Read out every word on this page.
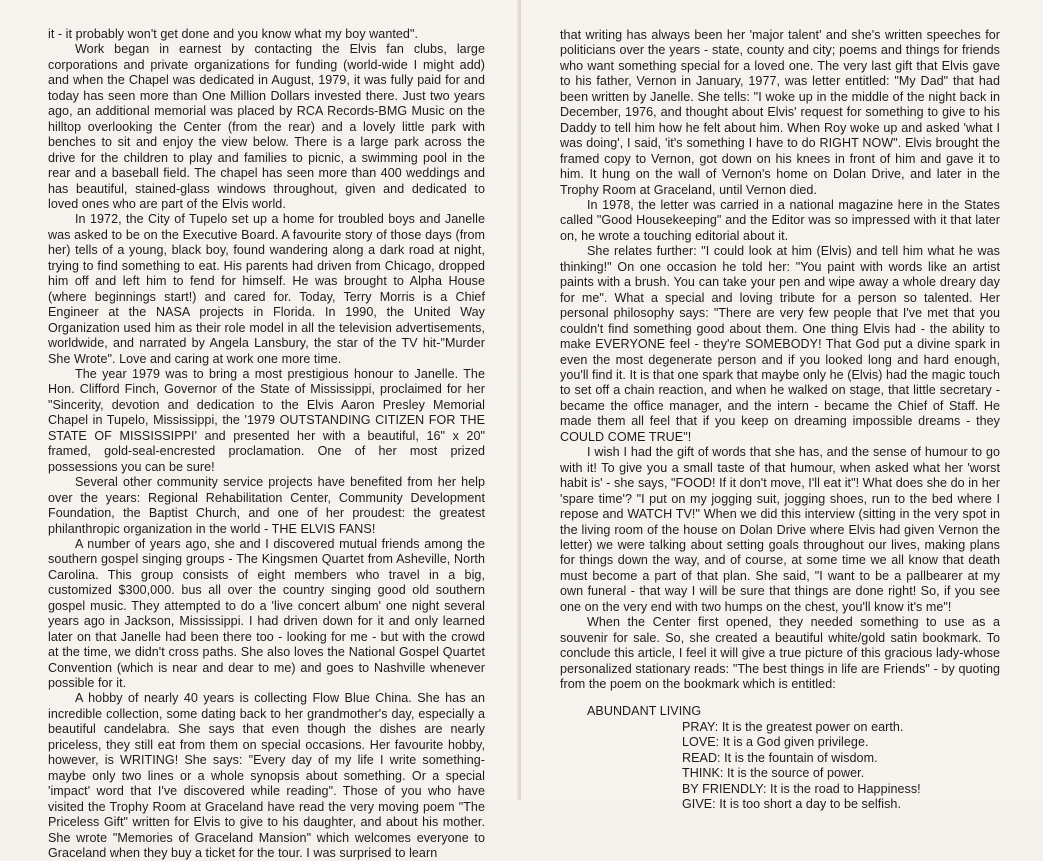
it - it probably won't get done and you know what my boy wanted".

Work began in earnest by contacting the Elvis fan clubs, large corporations and private organizations for funding (world-wide I might add) and when the Chapel was dedicated in August, 1979, it was fully paid for and today has seen more than One Million Dollars invested there. Just two years ago, an additional memorial was placed by RCA Records-BMG Music on the hilltop overlooking the Center (from the rear) and a lovely little park with benches to sit and enjoy the view below. There is a large park across the drive for the children to play and families to picnic, a swimming pool in the rear and a baseball field. The chapel has seen more than 400 weddings and has beautiful, stained-glass windows throughout, given and dedicated to loved ones who are part of the Elvis world.

In 1972, the City of Tupelo set up a home for troubled boys and Janelle was asked to be on the Executive Board. A favourite story of those days (from her) tells of a young, black boy, found wandering along a dark road at night, trying to find something to eat. His parents had driven from Chicago, dropped him off and left him to fend for himself. He was brought to Alpha House (where beginnings start!) and cared for. Today, Terry Morris is a Chief Engineer at the NASA projects in Florida. In 1990, the United Way Organization used him as their role model in all the television advertisements, worldwide, and narrated by Angela Lansbury, the star of the TV hit-"Murder She Wrote". Love and caring at work one more time.

The year 1979 was to bring a most prestigious honour to Janelle. The Hon. Clifford Finch, Governor of the State of Mississippi, proclaimed for her "Sincerity, devotion and dedication to the Elvis Aaron Presley Memorial Chapel in Tupelo, Mississippi, the '1979 OUTSTANDING CITIZEN FOR THE STATE OF MISSISSIPPI' and presented her with a beautiful, 16" x 20" framed, gold-seal-encrested proclamation. One of her most prized possessions you can be sure!

Several other community service projects have benefited from her help over the years: Regional Rehabilitation Center, Community Development Foundation, the Baptist Church, and one of her proudest: the greatest philanthropic organization in the world - THE ELVIS FANS!

A number of years ago, she and I discovered mutual friends among the southern gospel singing groups - The Kingsmen Quartet from Asheville, North Carolina. This group consists of eight members who travel in a big, customized $300,000. bus all over the country singing good old southern gospel music. They attempted to do a 'live concert album' one night several years ago in Jackson, Mississippi. I had driven down for it and only learned later on that Janelle had been there too - looking for me - but with the crowd at the time, we didn't cross paths. She also loves the National Gospel Quartet Convention (which is near and dear to me) and goes to Nashville whenever possible for it.

A hobby of nearly 40 years is collecting Flow Blue China. She has an incredible collection, some dating back to her grandmother's day, especially a beautiful candelabra. She says that even though the dishes are nearly priceless, they still eat from them on special occasions. Her favourite hobby, however, is WRITING! She says: "Every day of my life I write something-maybe only two lines or a whole synopsis about something. Or a special 'impact' word that I've discovered while reading". Those of you who have visited the Trophy Room at Graceland have read the very moving poem "The Priceless Gift" written for Elvis to give to his daughter, and about his mother. She wrote "Memories of Graceland Mansion" which welcomes everyone to Graceland when they buy a ticket for the tour. I was surprised to learn

that writing has always been her 'major talent' and she's written speeches for politicians over the years - state, county and city; poems and things for friends who want something special for a loved one. The very last gift that Elvis gave to his father, Vernon in January, 1977, was letter entitled: "My Dad" that had been written by Janelle. She tells: "I woke up in the middle of the night back in December, 1976, and thought about Elvis' request for something to give to his Daddy to tell him how he felt about him. When Roy woke up and asked 'what I was doing', I said, 'it's something I have to do RIGHT NOW". Elvis brought the framed copy to Vernon, got down on his knees in front of him and gave it to him. It hung on the wall of Vernon's home on Dolan Drive, and later in the Trophy Room at Graceland, until Vernon died.

In 1978, the letter was carried in a national magazine here in the States called "Good Housekeeping" and the Editor was so impressed with it that later on, he wrote a touching editorial about it.

She relates further: "I could look at him (Elvis) and tell him what he was thinking!" On one occasion he told her: "You paint with words like an artist paints with a brush. You can take your pen and wipe away a whole dreary day for me". What a special and loving tribute for a person so talented. Her personal philosophy says: "There are very few people that I've met that you couldn't find something good about them. One thing Elvis had - the ability to make EVERYONE feel - they're SOMEBODY! That God put a divine spark in even the most degenerate person and if you looked long and hard enough, you'll find it. It is that one spark that maybe only he (Elvis) had the magic touch to set off a chain reaction, and when he walked on stage, that little secretary - became the office manager, and the intern - became the Chief of Staff. He made them all feel that if you keep on dreaming impossible dreams - they COULD COME TRUE"!

I wish I had the gift of words that she has, and the sense of humour to go with it! To give you a small taste of that humour, when asked what her 'worst habit is' - she says, "FOOD! If it don't move, I'll eat it"! What does she do in her 'spare time'? "I put on my jogging suit, jogging shoes, run to the bed where I repose and WATCH TV!" When we did this interview (sitting in the very spot in the living room of the house on Dolan Drive where Elvis had given Vernon the letter) we were talking about setting goals throughout our lives, making plans for things down the way, and of course, at some time we all know that death must become a part of that plan. She said, "I want to be a pallbearer at my own funeral - that way I will be sure that things are done right! So, if you see one on the very end with two humps on the chest, you'll know it's me"!

When the Center first opened, they needed something to use as a souvenir for sale. So, she created a beautiful white/gold satin bookmark. To conclude this article, I feel it will give a true picture of this gracious lady-whose personalized stationary reads: "The best things in life are Friends" - by quoting from the poem on the bookmark which is entitled:

ABUNDANT LIVING

PRAY: It is the greatest power on earth.
LOVE: It is a God given privilege.
READ: It is the fountain of wisdom.
THINK: It is the source of power.
BY FRIENDLY: It is the road to Happiness!
GIVE: It is too short a day to be selfish.
